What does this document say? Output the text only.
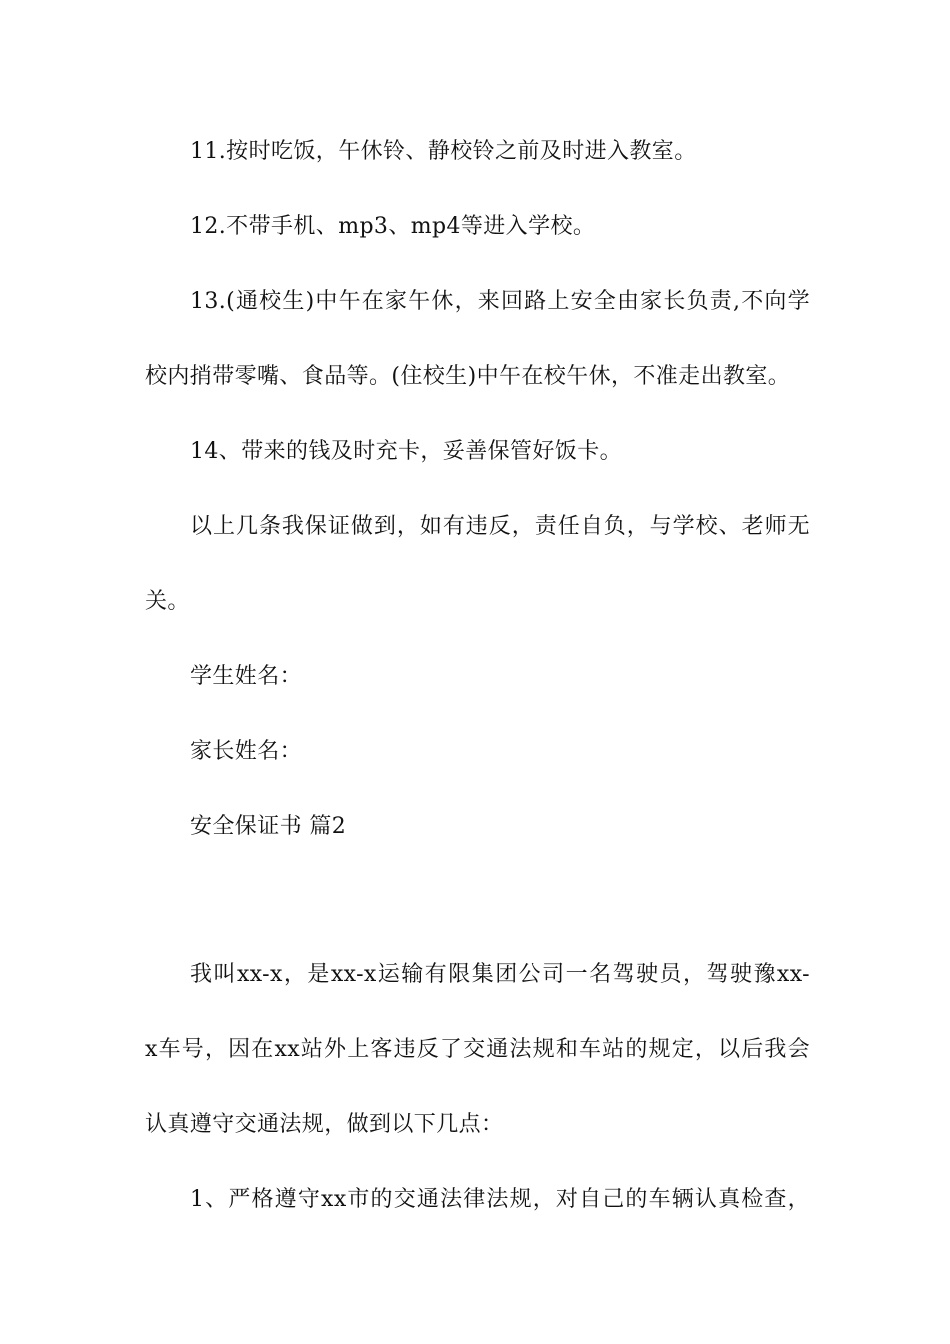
11.按时吃饭，午休铃、静校铃之前及时进入教室。
12.不带手机、mp3、mp4等进入学校。
13.(通校生)中午在家午休，来回路上安全由家长负责,不向学
校内捎带零嘴、食品等。(住校生)中午在校午休，不准走出教室。
14、带来的钱及时充卡，妥善保管好饭卡。
以上几条我保证做到，如有违反，责任自负，与学校、老师无
关。
学生姓名：
家长姓名：
安全保证书 篇2
我叫xx-x，是xx-x运输有限集团公司一名驾驶员，驾驶豫xx-
x车号，因在xx站外上客违反了交通法规和车站的规定，以后我会
认真遵守交通法规，做到以下几点：
1、严格遵守xx市的交通法律法规，对自己的车辆认真检查，
